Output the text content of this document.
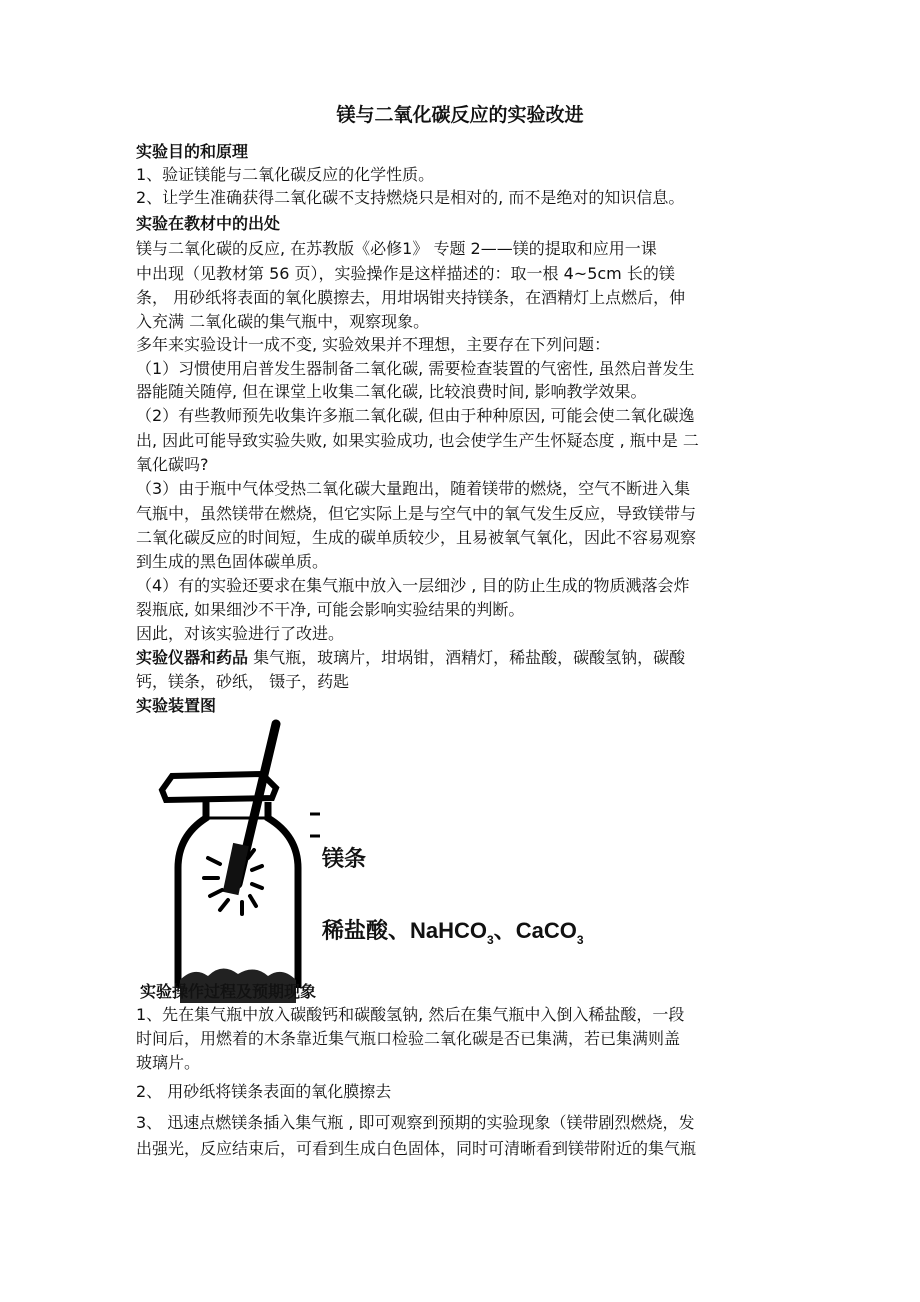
镁与二氧化碳反应的实验改进
实验目的和原理
1、验证镁能与二氧化碳反应的化学性质。
2、让学生准确获得二氧化碳不支持燃烧只是相对的, 而不是绝对的知识信息。
实验在教材中的出处
镁与二氧化碳的反应, 在苏教版《必修1》 专题 2——镁的提取和应用一课
中出现（见教材第 56 页），实验操作是这样描述的：取一根 4~5cm 长的镁
条， 用砂纸将表面的氧化膜擦去，用坩埚钳夹持镁条，在酒精灯上点燃后，伸
入充满 二氧化碳的集气瓶中，观察现象。
多年来实验设计一成不变, 实验效果并不理想，主要存在下列问题：
（1）习惯使用启普发生器制备二氧化碳, 需要检查装置的气密性, 虽然启普发生
器能随关随停, 但在课堂上收集二氧化碳, 比较浪费时间, 影响教学效果。
（2）有些教师预先收集许多瓶二氧化碳, 但由于种种原因, 可能会使二氧化碳逸
出, 因此可能导致实验失败, 如果实验成功, 也会使学生产生怀疑态度 , 瓶中是 二
氧化碳吗?
（3）由于瓶中气体受热二氧化碳大量跑出，随着镁带的燃烧，空气不断进入集
气瓶中，虽然镁带在燃烧，但它实际上是与空气中的氧气发生反应，导致镁带与
二氧化碳反应的时间短，生成的碳单质较少，且易被氧气氧化，因此不容易观察
到生成的黑色固体碳单质。
（4）有的实验还要求在集气瓶中放入一层细沙 , 目的防止生成的物质溅落会炸
裂瓶底, 如果细沙不干净, 可能会影响实验结果的判断。
因此，对该实验进行了改进。
实验仪器和药品 集气瓶，玻璃片，坩埚钳，酒精灯，稀盐酸，碳酸氢钠，碳酸
钙，镁条，砂纸， 镊子，药匙
实验装置图
镁条
稀盐酸、NaHCO$_3$、CaCO$_3$
实验操作过程及预期现象
1、先在集气瓶中放入碳酸钙和碳酸氢钠, 然后在集气瓶中入倒入稀盐酸，一段
时间后，用燃着的木条靠近集气瓶口检验二氧化碳是否已集满，若已集满则盖
玻璃片。
2、 用砂纸将镁条表面的氧化膜擦去
3、 迅速点燃镁条插入集气瓶 , 即可观察到预期的实验现象（镁带剧烈燃烧，发
出强光，反应结束后，可看到生成白色固体，同时可清晰看到镁带附近的集气瓶
